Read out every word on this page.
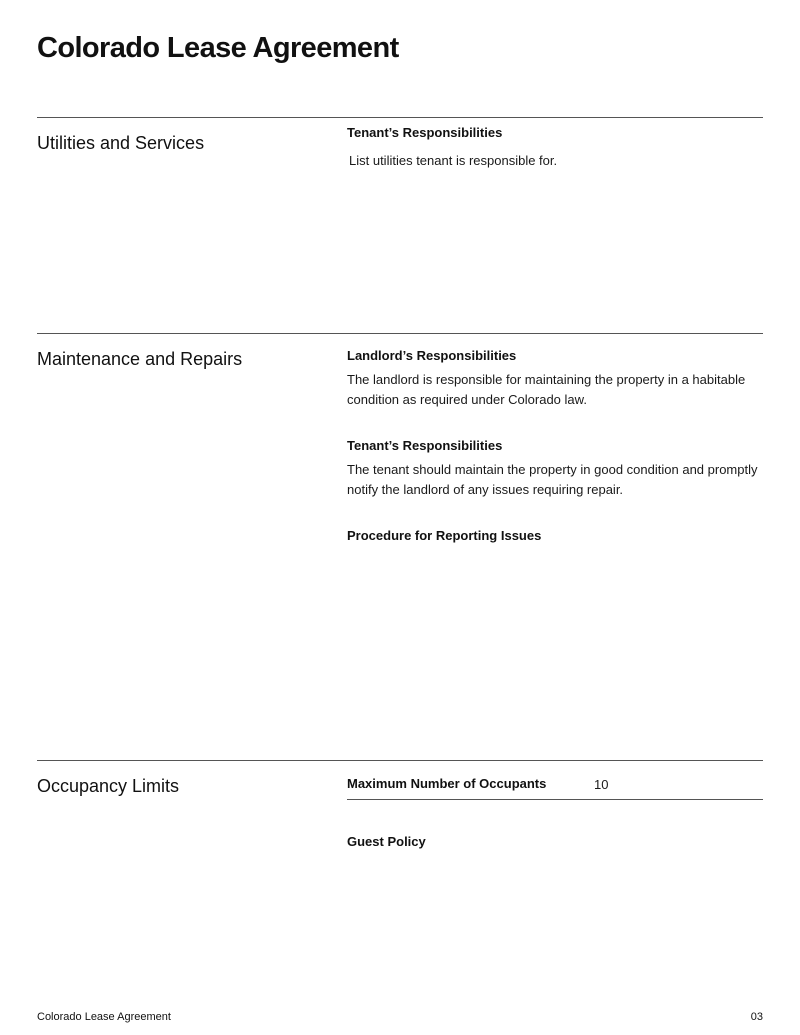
Colorado Lease Agreement
Utilities and Services
Tenant’s Responsibilities
List utilities tenant is responsible for.
Maintenance and Repairs	Landlord’s Responsibilities

The landlord is responsible for maintaining the property in a habitable condition as required under Colorado law.

Tenant’s Responsibilities

The tenant should maintain the property in good condition and promptly notify the landlord of any issues requiring repair.

Procedure for Reporting Issues
Occupancy Limits	Maximum Number of Occupants	10
Guest Policy
Colorado Lease Agreement	03
